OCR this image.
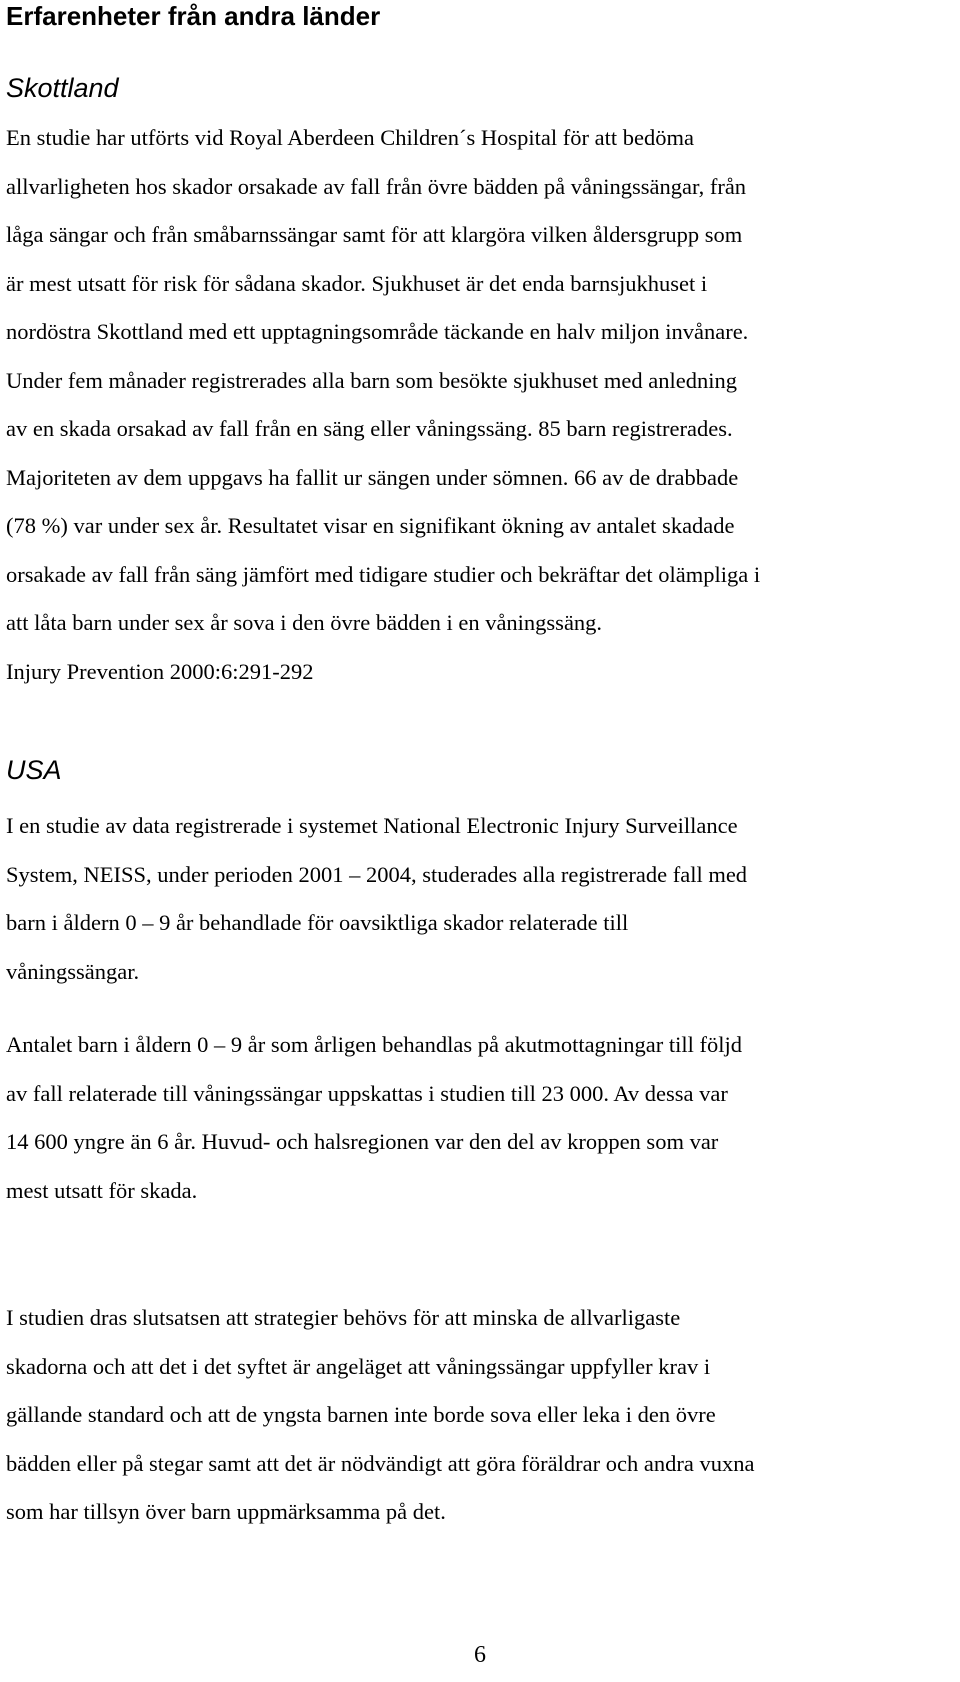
Erfarenheter från andra länder
Skottland
En studie har utförts vid Royal Aberdeen Children´s Hospital för att bedöma
allvarligheten hos skador orsakade av fall från övre bädden på våningssängar, från
låga sängar och från småbarnssängar samt för att klargöra vilken åldersgrupp som
är mest utsatt för risk för sådana skador. Sjukhuset är det enda barnsjukhuset i
nordöstra Skottland med ett upptagningsområde täckande en halv miljon invånare.
Under fem månader registrerades alla barn som besökte sjukhuset med anledning
av en skada orsakad av fall från en säng eller våningssäng. 85 barn registrerades.
Majoriteten av dem uppgavs ha fallit ur sängen under sömnen. 66 av de drabbade
(78 %) var under sex år. Resultatet visar en signifikant ökning av antalet skadade
orsakade av fall från säng jämfört med tidigare studier och bekräftar det olämpliga i
att låta barn under sex år sova i den övre bädden i en våningssäng.
Injury Prevention 2000:6:291-292
USA
I en studie av data registrerade i systemet National Electronic Injury Surveillance
System, NEISS, under perioden 2001 – 2004, studerades alla registrerade fall med
barn i åldern 0 – 9 år behandlade för oavsiktliga skador relaterade till
våningssängar.
Antalet barn i åldern 0 – 9 år som årligen behandlas på akutmottagningar till följd
av fall relaterade till våningssängar uppskattas i studien till 23 000. Av dessa var
14 600 yngre än 6 år. Huvud- och halsregionen var den del av kroppen som var
mest utsatt för skada.
I studien dras slutsatsen att strategier behövs för att minska de allvarligaste
skadorna och att det i det syftet är angeläget att våningssängar uppfyller krav i
gällande standard och att de yngsta barnen inte borde sova eller leka i den övre
bädden eller på stegar samt att det är nödvändigt att göra föräldrar och andra vuxna
som har tillsyn över barn uppmärksamma på det.
6
